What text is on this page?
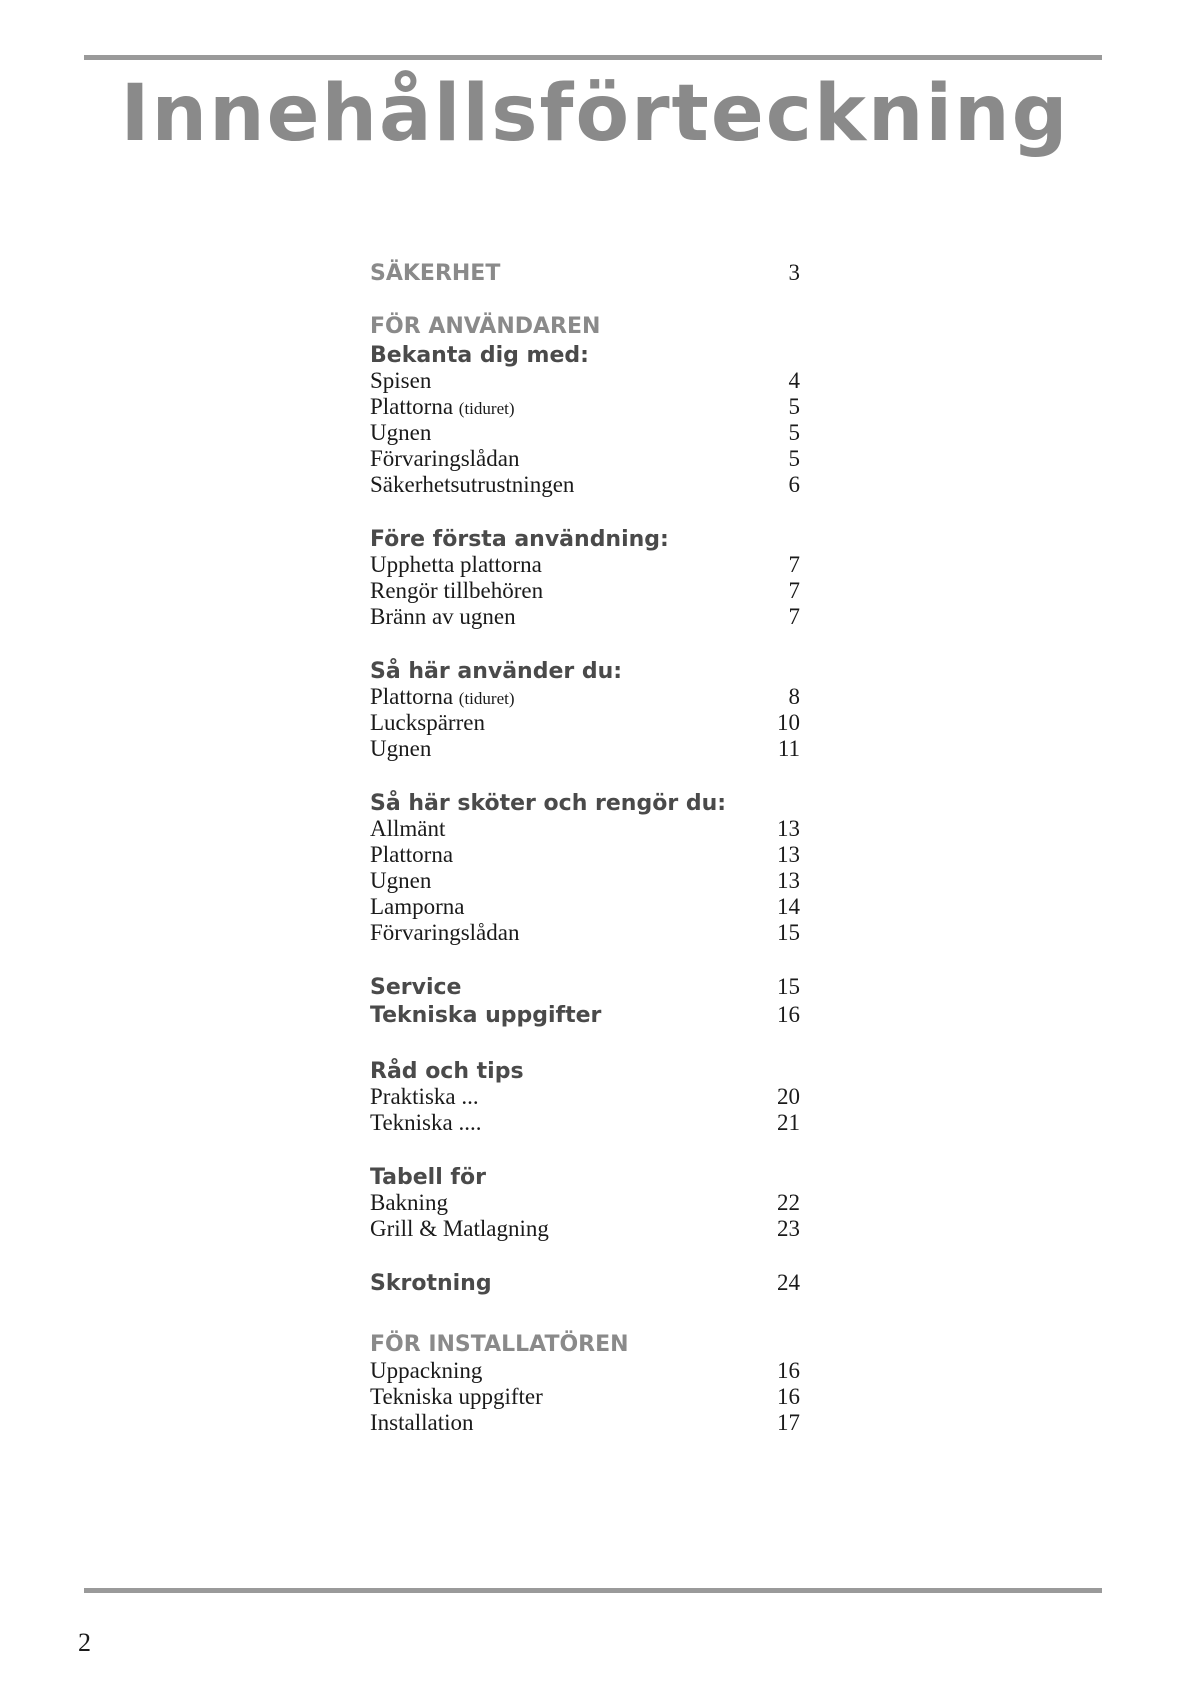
Innehållsförteckning
SÄKERHET	3
FÖR ANVÄNDAREN
Bekanta dig med:
Spisen	4
Plattorna (tiduret)	5
Ugnen	5
Förvaringslådan	5
Säkerhetsutrustningen	6
Före första användning:
Upphetta plattorna	7
Rengör tillbehören	7
Bränn av ugnen	7
Så här använder du:
Plattorna (tiduret)	8
Luckspärren	10
Ugnen	11
Så här sköter och rengör du:
Allmänt	13
Plattorna	13
Ugnen	13
Lamporna	14
Förvaringslådan	15
Service	15
Tekniska uppgifter	16
Råd och tips
Praktiska ...	20
Tekniska ....	21
Tabell för
Bakning	22
Grill & Matlagning	23
Skrotning	24
FÖR INSTALLATÖREN
Uppackning	16
Tekniska uppgifter	16
Installation	17
2
